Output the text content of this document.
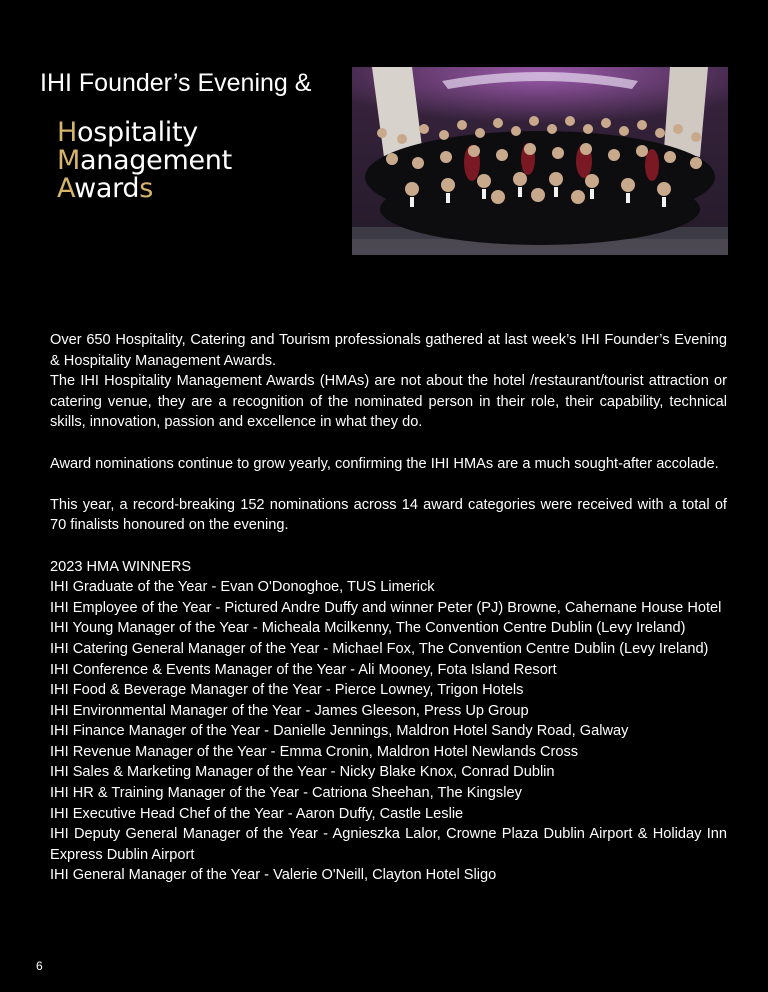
IHI Founder’s Evening &
Hospitality
Management
Awards

Over 650 Hospitality, Catering and Tourism professionals gathered at last week’s IHI Founder’s Evening & Hospitality Management Awards.

The IHI Hospitality Management Awards (HMAs) are not about the hotel /restaurant/tourist attraction or catering venue, they are a recognition of the nominated person in their role, their capability, technical skills, innovation, passion and excellence in what they do.

Award nominations continue to grow yearly, confirming the IHI HMAs are a much sought-after accolade.

This year, a record-breaking 152 nominations across 14 award categories were received with a total of 70 finalists honoured on the evening.

2023 HMA WINNERS

IHI Graduate of the Year - Evan O'Donoghoe, TUS Limerick
IHI Employee of the Year - Pictured Andre Duffy and winner Peter (PJ) Browne, Cahernane House Hotel
IHI Young Manager of the Year - Micheala Mcilkenny, The Convention Centre Dublin (Levy Ireland)
IHI Catering General Manager of the Year - Michael Fox, The Convention Centre Dublin (Levy Ireland)
IHI Conference & Events Manager of the Year - Ali Mooney, Fota Island Resort
IHI Food & Beverage Manager of the Year - Pierce Lowney, Trigon Hotels
IHI Environmental Manager of the Year - James Gleeson, Press Up Group
IHI Finance Manager of the Year - Danielle Jennings, Maldron Hotel Sandy Road, Galway
IHI Revenue Manager of the Year - Emma Cronin, Maldron Hotel Newlands Cross
IHI Sales & Marketing Manager of the Year - Nicky Blake Knox, Conrad Dublin
IHI HR & Training Manager of the Year - Catriona Sheehan, The Kingsley
IHI Executive Head Chef of the Year - Aaron Duffy, Castle Leslie
IHI Deputy General Manager of the Year - Agnieszka Lalor, Crowne Plaza Dublin Airport & Holiday Inn Express Dublin Airport
IHI General Manager of the Year - Valerie O'Neill, Clayton Hotel Sligo
6
